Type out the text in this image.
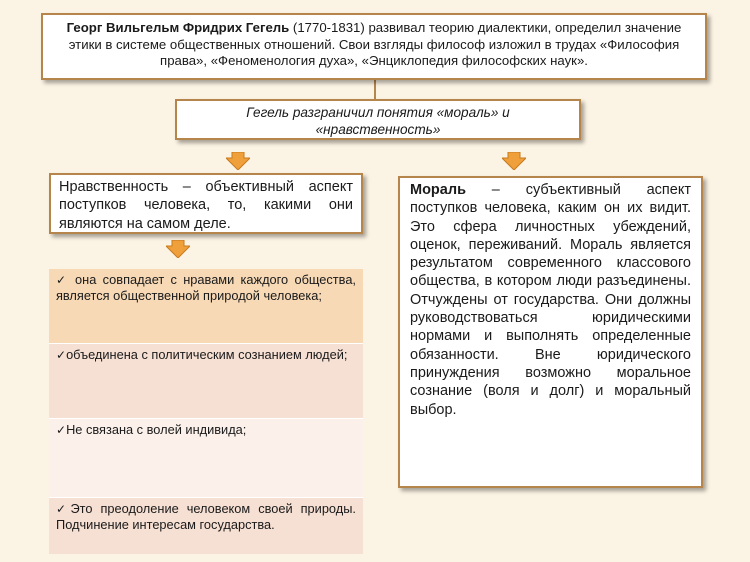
Георг Вильгельм Фридрих Гегель (1770-1831) развивал теорию диалектики, определил значение этики в системе общественных отношений. Свои взгляды философ изложил в трудах «Философия права», «Феноменология духа», «Энциклопедия философских наук».
Гегель разграничил понятия «мораль» и «нравственность»
Нравственность – объективный аспект поступков человека, то, какими они являются на самом деле.
Мораль – субъективный аспект поступков человека, каким он их видит. Это сфера личностных убеждений, оценок, переживаний. Мораль является результатом современного классового общества, в котором люди разъединены. Отчуждены от государства. Они должны руководствоваться юридическими нормами и выполнять определенные обязанности. Вне юридического принуждения возможно моральное сознание (воля и долг) и моральный выбор.
✓ она совпадает с нравами каждого общества, является общественной природой человека;
✓объединена с политическим сознанием людей;
✓Не связана с волей индивида;
✓Это преодоление человеком своей природы. Подчинение интересам государства.
